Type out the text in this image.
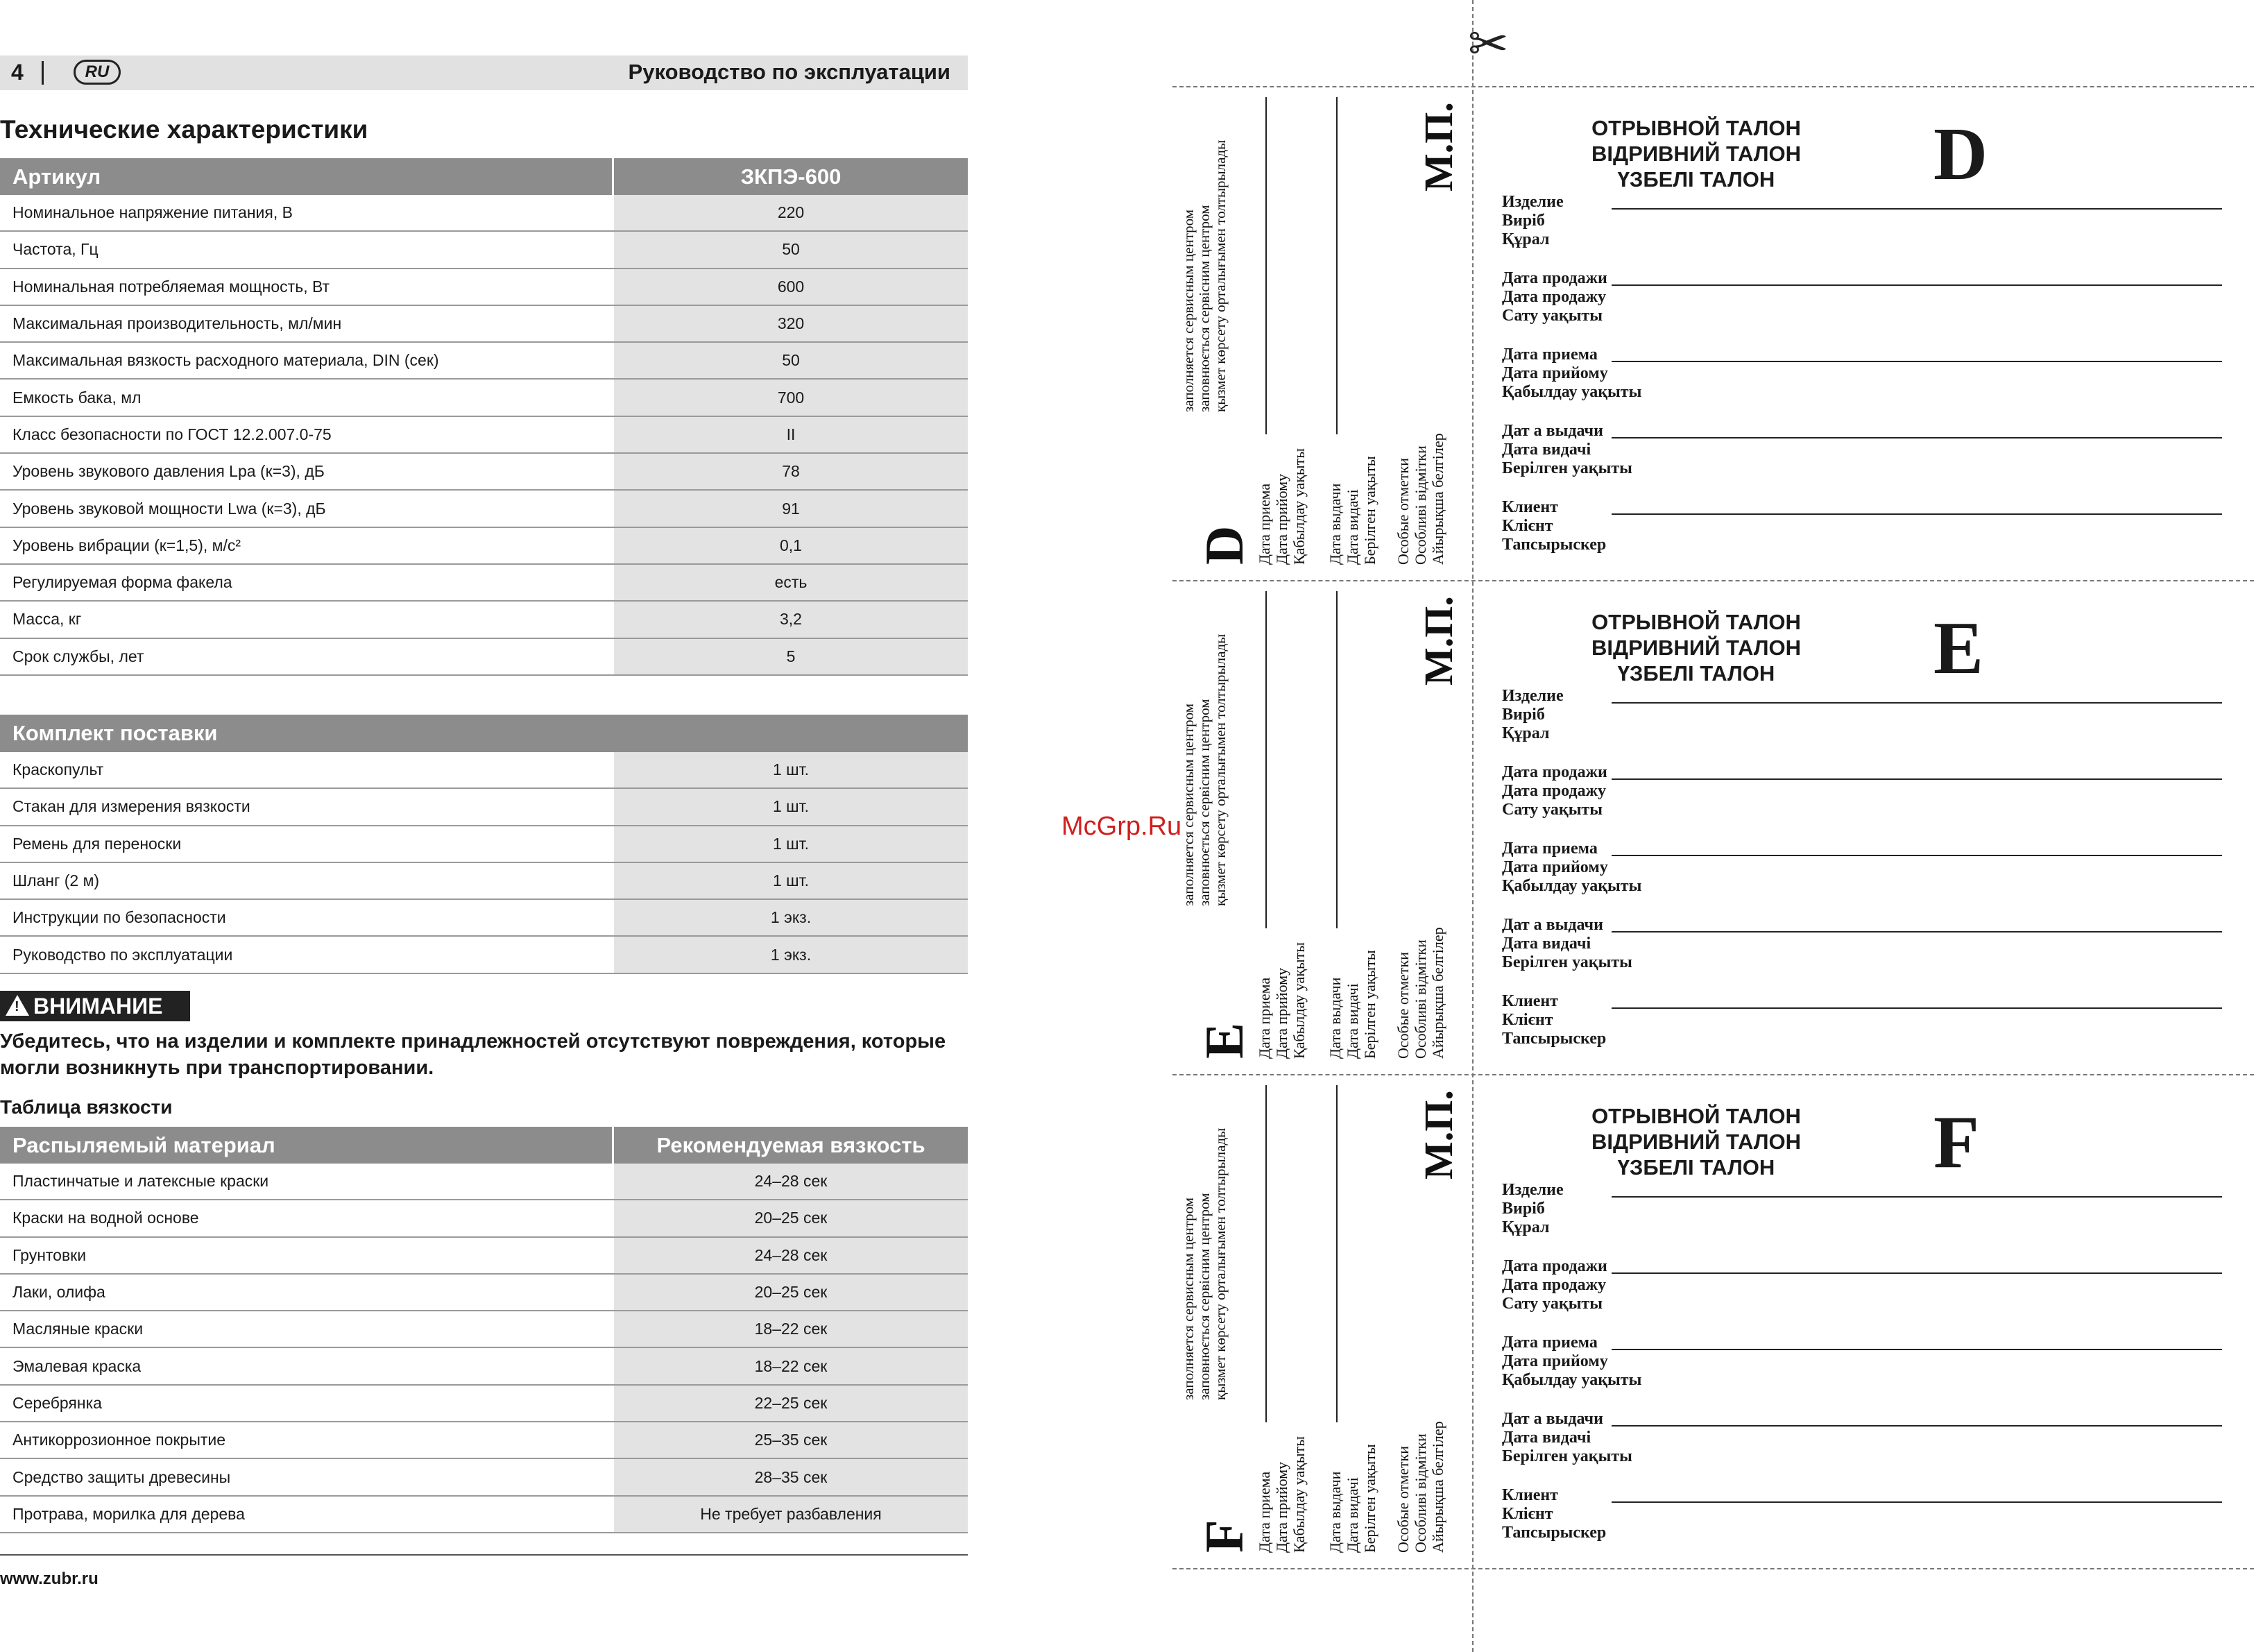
4	RU	Руководство по эксплуатации
Технические характеристики
Артикул	ЗКПЭ-600
Номинальное напряжение питания, В	220
Частота, Гц	50
Номинальная потребляемая мощность, Вт	600
Максимальная производительность, мл/мин	320
Максимальная вязкость расходного материала, DIN (сек)	50
Емкость бака, мл	700
Класс безопасности по ГОСТ 12.2.007.0-75	II
Уровень звукового давления Lpa (к=3), дБ	78
Уровень звуковой мощности Lwa (к=3), дБ	91
Уровень вибрации (к=1,5), м/с²	0,1
Регулируемая форма факела	есть
Масса, кг	3,2
Срок службы, лет	5
Комплект поставки
Краскопульт	1 шт.
Стакан для измерения вязкости	1 шт.
Ремень для переноски	1 шт.
Шланг (2 м)	1 шт.
Инструкции по безопасности	1 экз.
Руководство по эксплуатации	1 экз.
! ВНИМАНИЕ
Убедитесь, что на изделии и комплекте принадлежностей отсутствуют повреждения, которые могли возникнуть при транспортировании.
Таблица вязкости
Распыляемый материал	Рекомендуемая вязкость
Пластинчатые и латексные краски	24–28 сек
Краски на водной основе	20–25 сек
Грунтовки	24–28 сек
Лаки, олифа	20–25 сек
Масляные краски	18–22 сек
Эмалевая краска	18–22 сек
Серебрянка	22–25 сек
Антикоррозионное покрытие	25–35 сек
Средство защиты древесины	28–35 сек
Протрава, морилка для дерева	Не требует разбавления
www.zubr.ru
McGrp.Ru
✂
D
заполняется сервисным центром заповнюється сервісним центром қызмет көрсету орталығымен толтырылады
Дата приема Дата прийому Қабылдау уақыты Дата выдачи Дата видачі Берілген уақыты Особые отметки Особливі відмітки Айырықша белгілер
М.П.	ОТРЫВНОЙ ТАЛОН
ВІДРИВНИЙ ТАЛОН
ҮЗБЕЛІ ТАЛОН	D
Изделие
Виріб
Құрал
Дата продажи
Дата продажу
Сату уақыты
Дата приема
Дата прийому
Қабылдау уақыты
Дат а выдачи
Дата видачі
Берілген уақыты
Клиент
Клієнт
Тапсырыскер
E
заполняется сервисным центром заповнюється сервісним центром қызмет көрсету орталығымен толтырылады
Дата приема Дата прийому Қабылдау уақыты Дата выдачи Дата видачі Берілген уақыты Особые отметки Особливі відмітки Айырықша белгілер
М.П.	ОТРЫВНОЙ ТАЛОН
ВІДРИВНИЙ ТАЛОН
ҮЗБЕЛІ ТАЛОН	E
Изделие
Виріб
Құрал
Дата продажи
Дата продажу
Сату уақыты
Дата приема
Дата прийому
Қабылдау уақыты
Дат а выдачи
Дата видачі
Берілген уақыты
Клиент
Клієнт
Тапсырыскер
F
заполняется сервисным центром заповнюється сервісним центром қызмет көрсету орталығымен толтырылады
Дата приема Дата прийому Қабылдау уақыты Дата выдачи Дата видачі Берілген уақыты Особые отметки Особливі відмітки Айырықша белгілер
М.П.	ОТРЫВНОЙ ТАЛОН
ВІДРИВНИЙ ТАЛОН
ҮЗБЕЛІ ТАЛОН	F
Изделие
Виріб
Құрал
Дата продажи
Дата продажу
Сату уақыты
Дата приема
Дата прийому
Қабылдау уақыты
Дат а выдачи
Дата видачі
Берілген уақыты
Клиент
Клієнт
Тапсырыскер
